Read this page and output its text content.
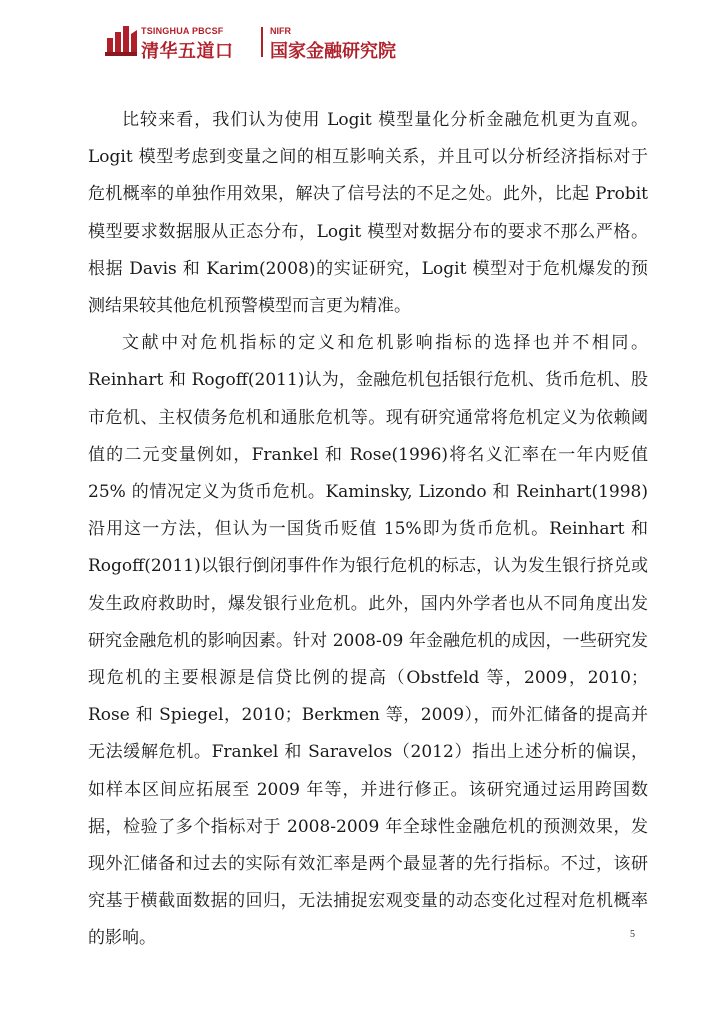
TSINGHUA PBCSF
清华五道口
NIFR
国家金融研究院

比较来看，我们认为使用 Logit 模型量化分析金融危机更为直观。Logit 模型考虑到变量之间的相互影响关系，并且可以分析经济指标对于危机概率的单独作用效果，解决了信号法的不足之处。此外，比起 Probit 模型要求数据服从正态分布，Logit 模型对数据分布的要求不那么严格。根据 Davis 和 Karim(2008)的实证研究，Logit 模型对于危机爆发的预测结果较其他危机预警模型而言更为精准。

文献中对危机指标的定义和危机影响指标的选择也并不相同。Reinhart 和 Rogoff(2011)认为，金融危机包括银行危机、货币危机、股市危机、主权债务危机和通胀危机等。现有研究通常将危机定义为依赖阈值的二元变量例如，Frankel 和 Rose(1996)将名义汇率在一年内贬值 25% 的情况定义为货币危机。Kaminsky, Lizondo 和 Reinhart(1998)沿用这一方法，但认为一国货币贬值 15%即为货币危机。Reinhart 和 Rogoff(2011)以银行倒闭事件作为银行危机的标志，认为发生银行挤兑或发生政府救助时，爆发银行业危机。此外，国内外学者也从不同角度出发研究金融危机的影响因素。针对 2008-09 年金融危机的成因，一些研究发现危机的主要根源是信贷比例的提高（Obstfeld 等，2009，2010；Rose 和 Spiegel，2010；Berkmen 等，2009），而外汇储备的提高并无法缓解危机。Frankel 和 Saravelos（2012）指出上述分析的偏误，如样本区间应拓展至 2009 年等，并进行修正。该研究通过运用跨国数据，检验了多个指标对于 2008-2009 年全球性金融危机的预测效果，发现外汇储备和过去的实际有效汇率是两个最显著的先行指标。不过，该研究基于横截面数据的回归，无法捕捉宏观变量的动态变化过程对危机概率的影响。	5
